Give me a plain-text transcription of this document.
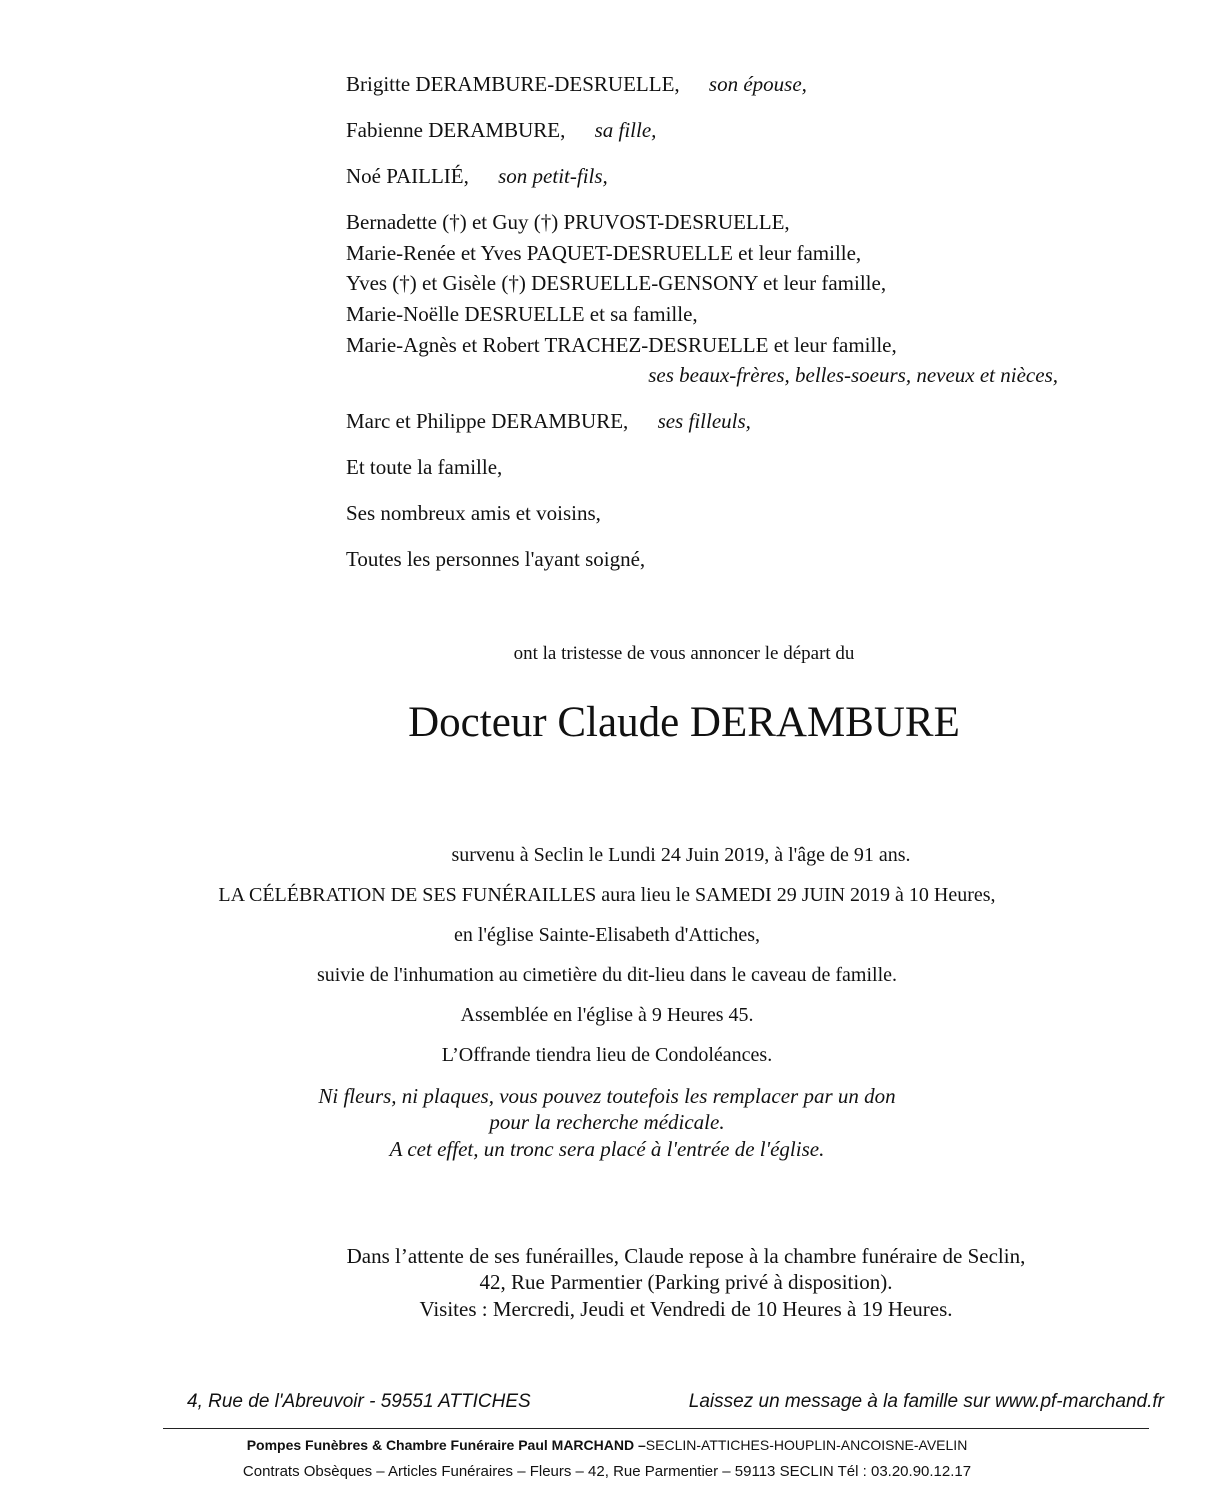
Brigitte DERAMBURE-DESRUELLE, son épouse,
Fabienne DERAMBURE, sa fille,
Noé PAILLIÉ, son petit-fils,
Bernadette (†) et Guy (†) PRUVOST-DESRUELLE,
Marie-Renée et Yves PAQUET-DESRUELLE et leur famille,
Yves (†) et Gisèle (†) DESRUELLE-GENSONY et leur famille,
Marie-Noëlle DESRUELLE et sa famille,
Marie-Agnès et Robert TRACHEZ-DESRUELLE et leur famille,
ses beaux-frères, belles-soeurs, neveux et nièces,
Marc et Philippe DERAMBURE, ses filleuls,
Et toute la famille,
Ses nombreux amis et voisins,
Toutes les personnes l'ayant soigné,
ont la tristesse de vous annoncer le départ du
Docteur Claude DERAMBURE
survenu à Seclin le Lundi 24 Juin 2019, à l'âge de 91 ans.
LA CÉLÉBRATION DE SES FUNÉRAILLES aura lieu le SAMEDI 29 JUIN 2019 à 10 Heures,
en l'église Sainte-Elisabeth d'Attiches,
suivie de l'inhumation au cimetière du dit-lieu dans le caveau de famille.
Assemblée en l'église à 9 Heures 45.
L’Offrande tiendra lieu de Condoléances.
Ni fleurs, ni plaques, vous pouvez toutefois les remplacer par un don
pour la recherche médicale.
A cet effet, un tronc sera placé à l'entrée de l'église.
Dans l’attente de ses funérailles, Claude repose à la chambre funéraire de Seclin,
42, Rue Parmentier (Parking privé à disposition).
Visites : Mercredi, Jeudi et Vendredi de 10 Heures à 19 Heures.
4, Rue de l'Abreuvoir - 59551 ATTICHES	Laissez un message à la famille sur www.pf-marchand.fr
Pompes Funèbres & Chambre Funéraire Paul MARCHAND –SECLIN-ATTICHES-HOUPLIN-ANCOISNE-AVELIN
Contrats Obsèques – Articles Funéraires – Fleurs – 42, Rue Parmentier – 59113 SECLIN Tél : 03.20.90.12.17
